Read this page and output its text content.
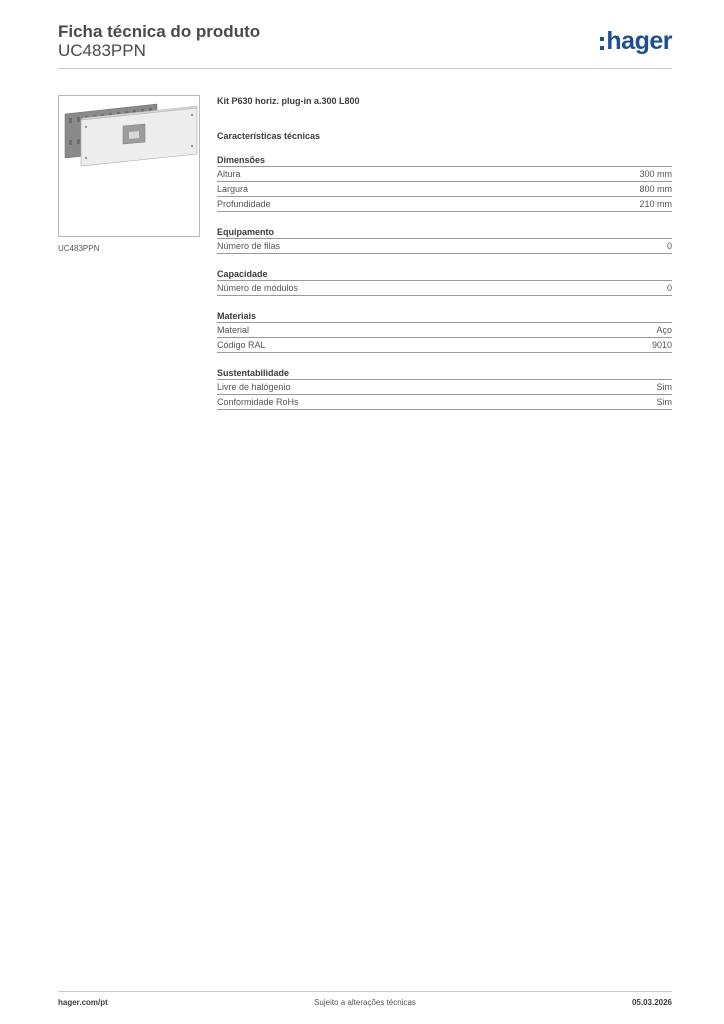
Ficha técnica do produto
UC483PPN	hager
UC483PPN
Kit P630 horiz. plug-in a.300 L800
Características técnicas
Dimensões
Altura	300 mm
Largura	800 mm
Profundidade	210 mm
Equipamento
Número de filas	0
Capacidade
Número de módulos	0
Materiais
Material	Aço
Código RAL	9010
Sustentabilidade
Livre de halógenio	Sim
Conformidade RoHs	Sim
hager.com/pt	Sujeito a alterações técnicas	05.03.2026
